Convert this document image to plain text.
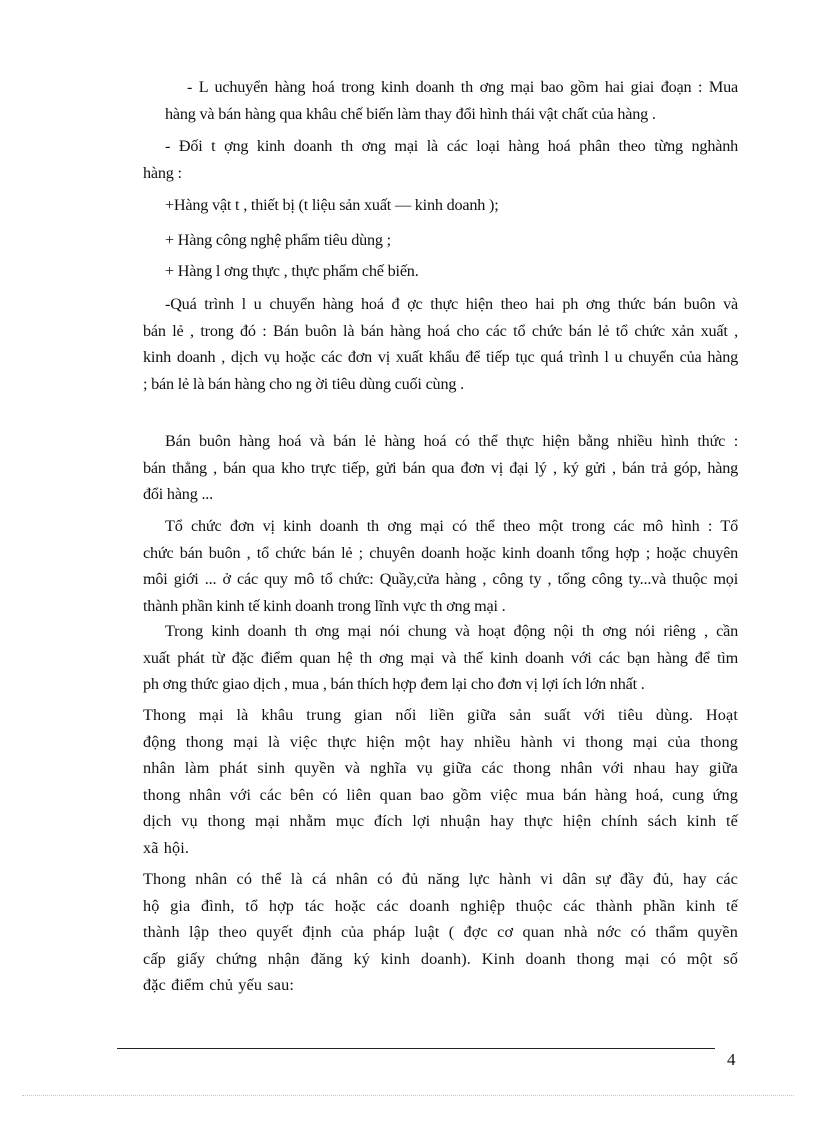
- L uchuyển hàng hoá trong kinh doanh th ơng mại bao gồm hai giai đoạn : Mua
hàng và bán hàng qua khâu chế biến làm thay đổi hình thái vật chất của hàng .

- Đối t ợng kinh doanh th ơng mại là các loại hàng hoá phân theo từng nghành
hàng :

+Hàng vật t , thiết bị (t liệu sản xuất — kinh doanh );

+ Hàng công nghệ phẩm tiêu dùng ;

+ Hàng l ơng thực , thực phẩm chế biến.

-Quá trình l u chuyển hàng hoá đ ợc thực hiện theo hai ph ơng thức bán buôn và
bán lẻ , trong đó : Bán buôn là bán hàng hoá cho các tổ chức bán lẻ tổ chức xản xuất ,
kinh doanh , dịch vụ hoặc các đơn vị xuất khẩu để tiếp tục quá trình l u chuyển của hàng
; bán lẻ là bán hàng cho ng ời tiêu dùng cuối cùng .

Bán buôn hàng hoá và bán lẻ hàng hoá có thể thực hiện bằng nhiều hình thức :
bán thẳng , bán qua kho trực tiếp, gửi bán qua đơn vị đại lý , ký gửi , bán trả góp, hàng
đổi hàng ...

Tổ chức đơn vị kinh doanh th ơng mại có thể theo một trong các mô hình : Tổ
chức bán buôn , tổ chức bán lẻ ; chuyên doanh hoặc kinh doanh tổng hợp ; hoặc chuyên
môi giới ... ở các quy mô tổ chức: Quầy,cửa hàng , công ty , tổng công ty...và thuộc mọi
thành phần kinh tế kinh doanh trong lĩnh vực th ơng mại .

Trong kinh doanh th ơng mại nói chung và hoạt động nội th ơng nói riêng , cần
xuất phát từ đặc điểm quan hệ th ơng mại và thế kinh doanh với các bạn hàng để tìm
ph ơng thức giao dịch , mua , bán thích hợp đem lại cho đơn vị lợi ích lớn nhất .

Thong mại là khâu trung gian nối liền giữa sản suất với tiêu dùng. Hoạt
động thong mại là việc thực hiện một hay nhiều hành vi thong mại của thong
nhân làm phát sinh quyền và nghĩa vụ giữa các thong nhân với nhau hay giữa
thong nhân với các bên có liên quan bao gồm việc mua bán hàng hoá, cung ứng
dịch vụ thong mại nhằm mục đích lợi nhuận hay thực hiện chính sách kinh tế
xã hội.

Thong nhân có thể là cá nhân có đủ năng lực hành vi dân sự đầy đủ, hay các
hộ gia đình, tổ hợp tác hoặc các doanh nghiệp thuộc các thành phần kinh tế
thành lập theo quyết định của pháp luật ( đợc cơ quan nhà nớc có thẩm quyền
cấp giấy chứng nhận đăng ký kinh doanh). Kinh doanh thong mại có một số
đặc điểm chủ yếu sau:

4
